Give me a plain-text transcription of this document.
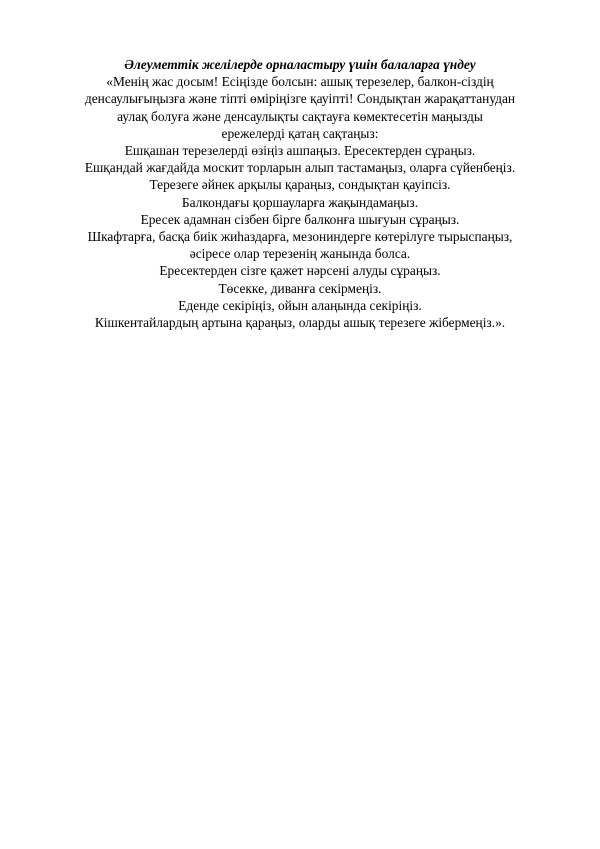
Әлеуметтік желілерде орналастыру үшін балаларға үндеу

«Менің жас досым! Есіңізде болсын: ашық терезелер, балкон-сіздің денсаулығыңызға және тіпті өміріңізге қауіпті! Сондықтан жарақаттанудан аулақ болуға және денсаулықты сақтауға көмектесетін маңызды ережелерді қатаң сақтаңыз:

Ешқашан терезелерді өзіңіз ашпаңыз. Ересектерден сұраңыз.

Ешқандай жағдайда москит торларын алып тастамаңыз, оларға сүйенбеңіз.

Терезеге әйнек арқылы қараңыз, сондықтан қауіпсіз.

Балкондағы қоршауларға жақындамаңыз.

Ересек адамнан сізбен бірге балконға шығуын сұраңыз.

Шкафтарға, басқа биік жиһаздарға, мезониндерге көтерілуге тырыспаңыз, әсіресе олар терезенің жанында болса.

Ересектерден сізге қажет нәрсені алуды сұраңыз.

Төсекке, диванға секірмеңіз.

Еденде секіріңіз, ойын алаңында секіріңіз.

Кішкентайлардың артына қараңыз, оларды ашық терезеге жібермеңіз.».
